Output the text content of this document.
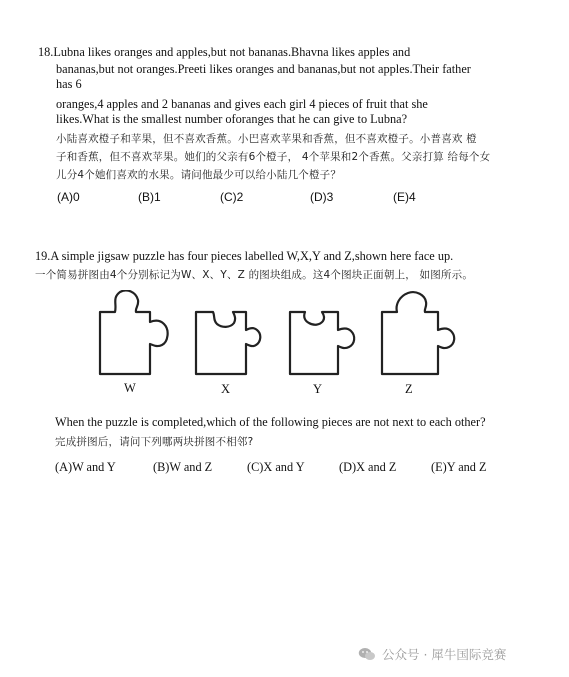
18.Lubna likes oranges and apples,but not bananas.Bhavna likes apples and
bananas,but not oranges.Preeti likes oranges and bananas,but not apples.Their father
has 6
oranges,4 apples and 2 bananas and gives each girl 4 pieces of fruit that she
likes.What is the smallest number oforanges that he can give to Lubna?
小陆喜欢橙子和苹果，但不喜欢香蕉。小巴喜欢苹果和香蕉，但不喜欢橙子。小普喜欢 橙
子和香蕉，但不喜欢苹果。她们的父亲有6个橙子， 4个苹果和2个香蕉。父亲打算 给每个女
儿分4个她们喜欢的水果。请问他最少可以给小陆几个橙子？
(A)0	(B)1	(C)2	(D)3	(E)4
19.A simple jigsaw puzzle has four pieces labelled W,X,Y and Z,shown here face up.
一个简易拼图由4个分别标记为W、X、Y、Z 的图块组成。这4个图块正面朝上， 如图所示。
W	X	Y	Z
When the puzzle is completed,which of the following pieces are not next to each other?
完成拼图后，请问下列哪两块拼图不相邻?
(A)W and Y	(B)W and Z	(C)X and Y	(D)X and Z	(E)Y and Z
公众号 · 犀牛国际竞赛
